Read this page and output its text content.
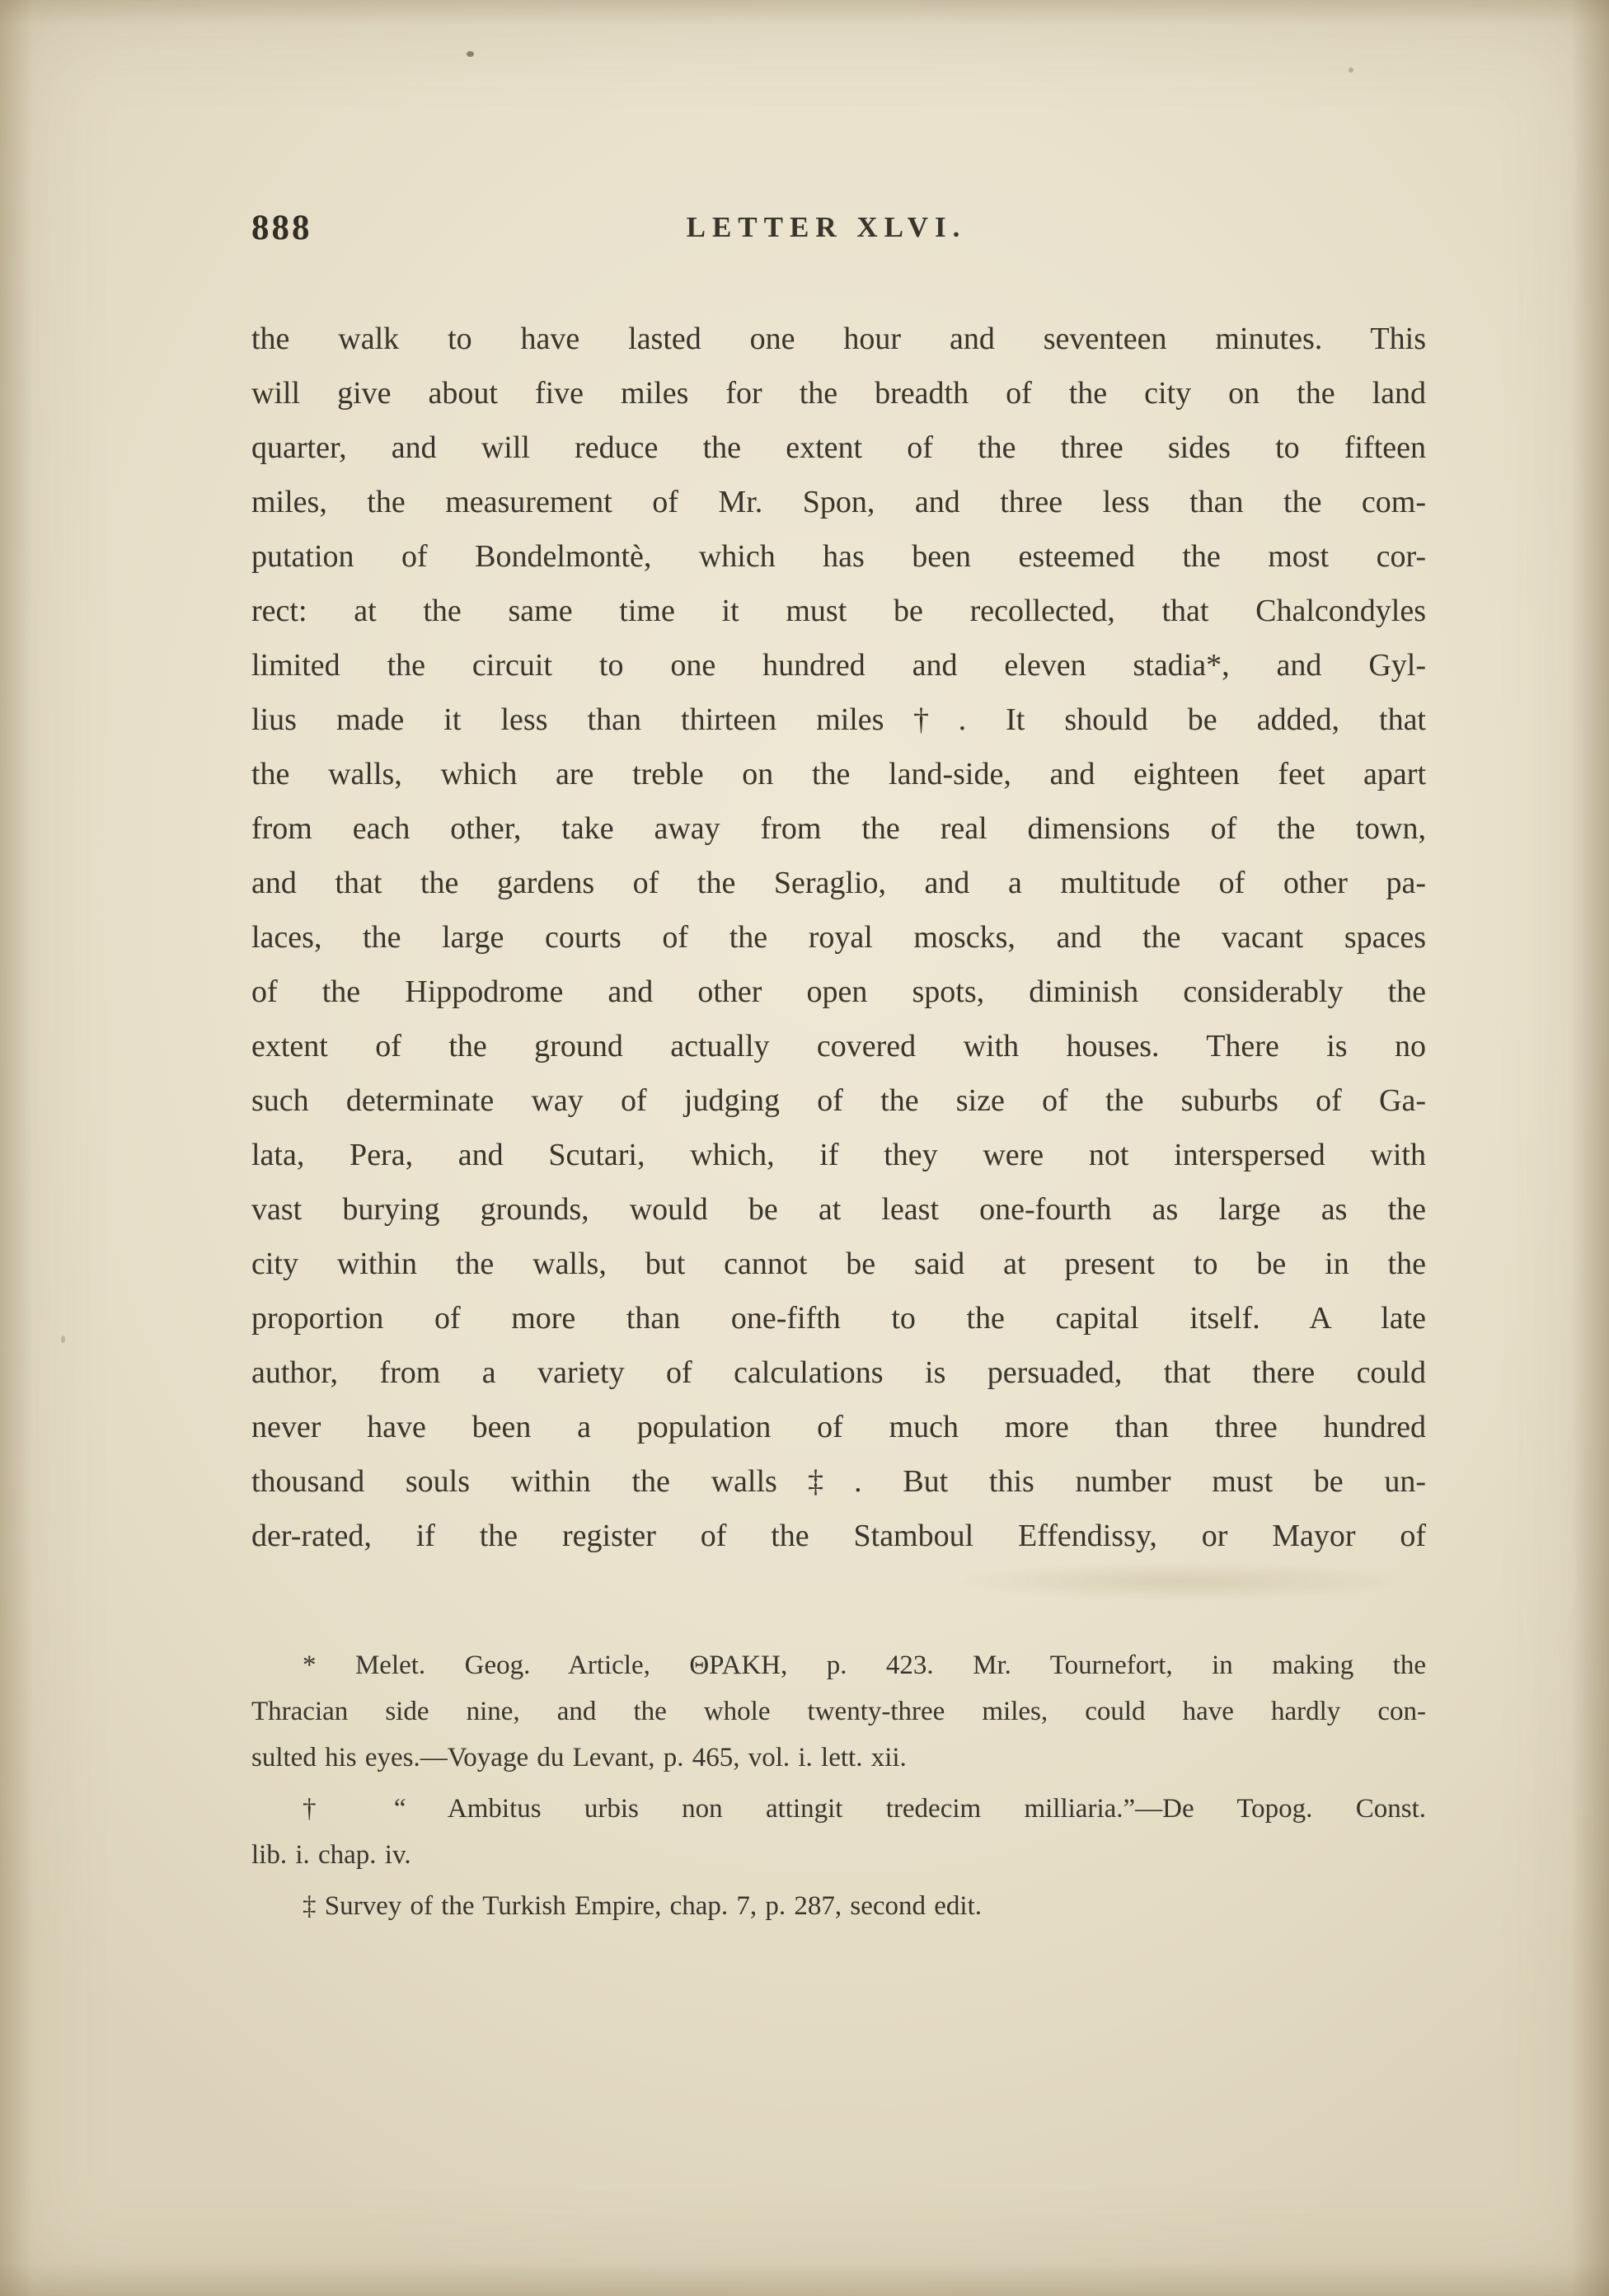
888	LETTER XLVI.
the walk to have lasted one hour and seventeen minutes. This
will give about five miles for the breadth of the city on the land
quarter, and will reduce the extent of the three sides to fifteen
miles, the measurement of Mr. Spon, and three less than the com-
putation of Bondelmontè, which has been esteemed the most cor-
rect: at the same time it must be recollected, that Chalcondyles
limited the circuit to one hundred and eleven stadia*, and Gyl-
lius made it less than thirteen miles†. It should be added, that
the walls, which are treble on the land-side, and eighteen feet apart
from each other, take away from the real dimensions of the town,
and that the gardens of the Seraglio, and a multitude of other pa-
laces, the large courts of the royal moscks, and the vacant spaces
of the Hippodrome and other open spots, diminish considerably the
extent of the ground actually covered with houses. There is no
such determinate way of judging of the size of the suburbs of Ga-
lata, Pera, and Scutari, which, if they were not interspersed with
vast burying grounds, would be at least one-fourth as large as the
city within the walls, but cannot be said at present to be in the
proportion of more than one-fifth to the capital itself. A late
author, from a variety of calculations is persuaded, that there could
never have been a population of much more than three hundred
thousand souls within the walls‡. But this number must be un-
der-rated, if the register of the Stamboul Effendissy, or Mayor of
* Melet. Geog. Article, ΘΡΑΚΗ, p. 423. Mr. Tournefort, in making the
Thracian side nine, and the whole twenty-three miles, could have hardly con-
sulted his eyes.—Voyage du Levant, p. 465, vol. i. lett. xii.
† “ Ambitus urbis non attingit tredecim milliaria.”—De Topog. Const.
lib. i. chap. iv.
‡ Survey of the Turkish Empire, chap. 7, p. 287, second edit.
